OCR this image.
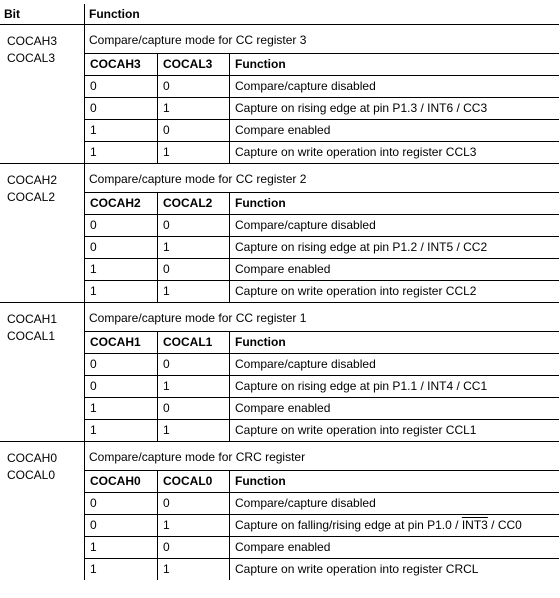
Bit	Function

COCAH3
COCAL3

Compare/capture mode for CC register 3
COCAH3	COCAL3	Function
0	0	Compare/capture disabled
0	1	Capture on rising edge at pin P1.3 / INT6 / CC3
1	0	Compare enabled
1	1	Capture on write operation into register CCL3

COCAH2
COCAL2

Compare/capture mode for CC register 2
COCAH2	COCAL2	Function
0	0	Compare/capture disabled
0	1	Capture on rising edge at pin P1.2 / INT5 / CC2
1	0	Compare enabled
1	1	Capture on write operation into register CCL2

COCAH1
COCAL1

Compare/capture mode for CC register 1
COCAH1	COCAL1	Function
0	0	Compare/capture disabled
0	1	Capture on rising edge at pin P1.1 / INT4 / CC1
1	0	Compare enabled
1	1	Capture on write operation into register CCL1

COCAH0
COCAL0

Compare/capture mode for CRC register
COCAH0	COCAL0	Function
0	0	Compare/capture disabled
0	1	Capture on falling/rising edge at pin P1.0 / INT3 / CC0
1	0	Compare enabled
1	1	Capture on write operation into register CRCL
